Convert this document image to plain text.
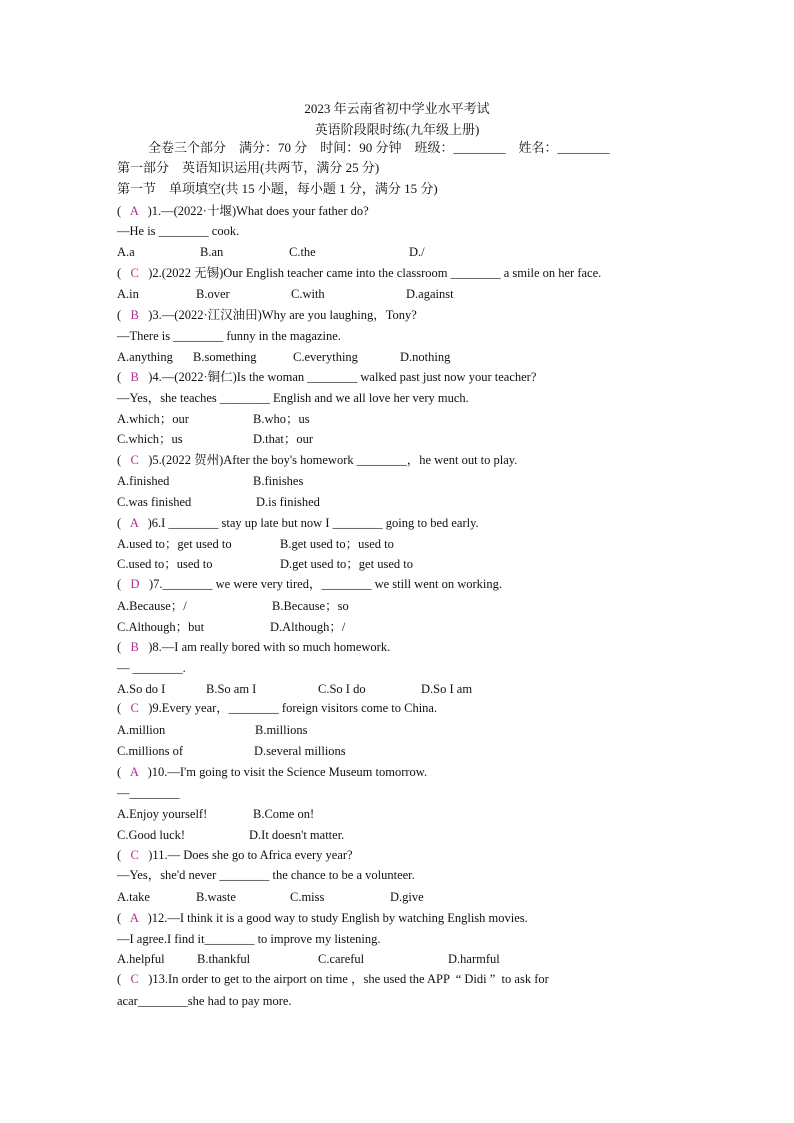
2023 年云南省初中学业水平考试
英语阶段限时练(九年级上册)
全卷三个部分    满分：70 分    时间：90 分钟    班级：________    姓名：________
第一部分    英语知识运用(共两节，满分 25 分)
第一节    单项填空(共 15 小题，每小题 1 分，满分 15 分)
(   A )1.—(2022·十堰)What does your father do?
—He is ________ cook.
A.a	B.an	C.the	D./
(   C )2.(2022 无锡)Our English teacher came into the classroom ________ a smile on her face.
A.in	B.over	C.with	D.against
(   B )3.—(2022·江汉油田)Why are you laughing，Tony?
—There is ________ funny in the magazine.
A.anything B.something	C.everything	D.nothing
(   B )4.—(2022·铜仁)Is the woman ________ walked past just now your teacher?
—Yes，she teaches ________ English and we all love her very much.
A.which；our	B.who；us
C.which；us	D.that；our
(   C )5.(2022 贺州)After the boy's homework ________，he went out to play.
A.finished	B.finishes
C.was finished	D.is finished
(   A )6.I ________ stay up late but now I ________ going to bed early.
A.used to；get used to	B.get used to；used to
C.used to；used to	D.get used to；get used to
(   D )7.________ we were very tired，________ we still went on working.
A.Because；/	B.Because；so
C.Although；but	D.Although；/
(   B )8.—I am really bored with so much homework.
— ________.
A.So do I	B.So am I	C.So I do	D.So I am
(   C )9.Every year，________ foreign visitors come to China.
A.million	B.millions
C.millions of	D.several millions
(   A )10.—I'm going to visit the Science Museum tomorrow.
—________
A.Enjoy yourself!	B.Come on!
C.Good luck!	D.It doesn't matter.
(   C )11.— Does she go to Africa every year?
—Yes，she'd never ________ the chance to be a volunteer.
A.take	B.waste	C.miss	D.give
(   A )12.—I think it is a good way to study English by watching English movies.
—I agree.I find it________ to improve my listening.
A.helpful	B.thankful	C.careful	D.harmful
(   C )13.In order to get to the airport on time ，she used the APP  “ Didi ”  to ask for
acar________she had to pay more.
